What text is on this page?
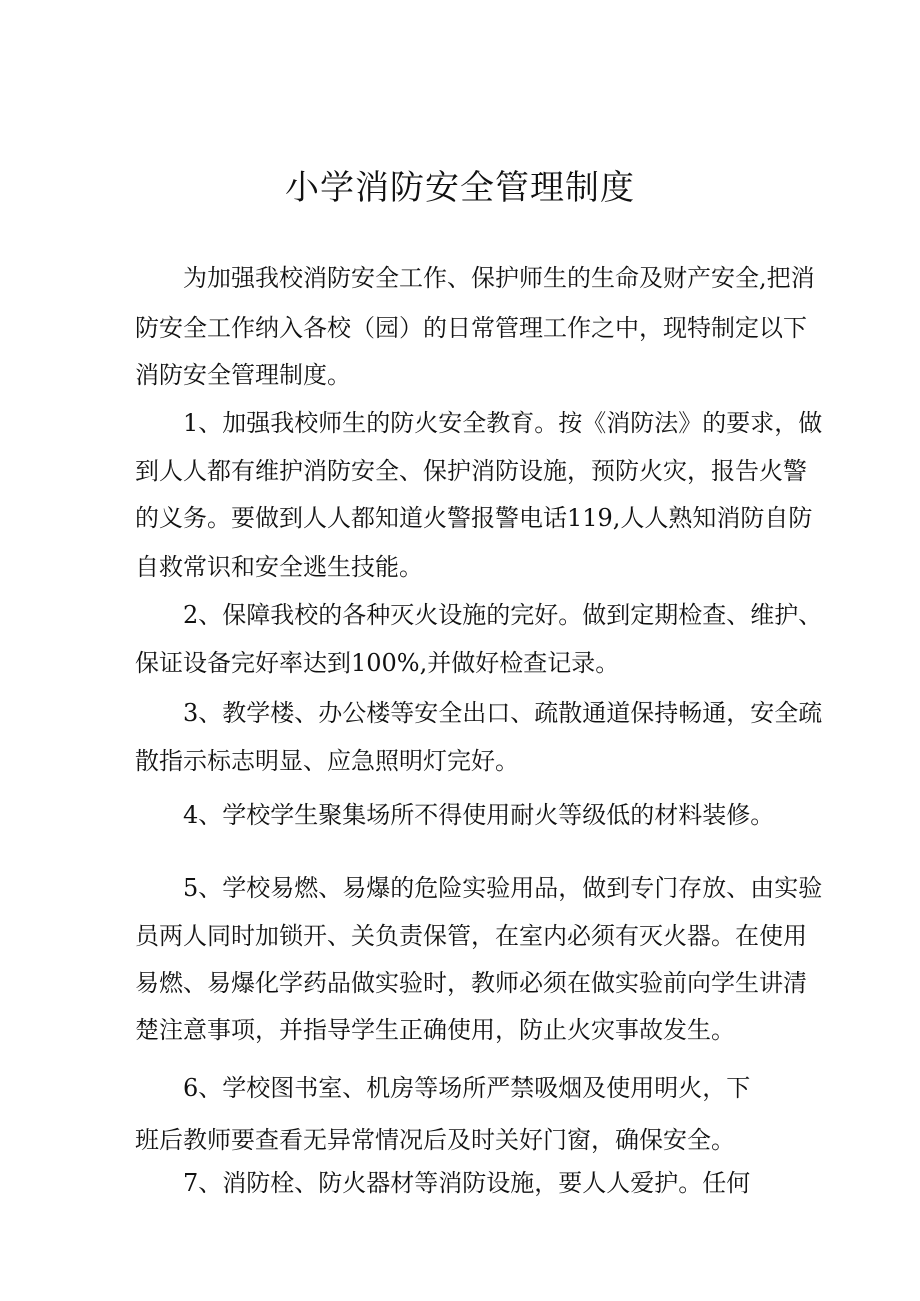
小学消防安全管理制度
为加强我校消防安全工作、保护师生的生命及财产安全,把消
防安全工作纳入各校（园）的日常管理工作之中，现特制定以下
消防安全管理制度。
1、加强我校师生的防火安全教育。按《消防法》的要求，做
到人人都有维护消防安全、保护消防设施，预防火灾，报告火警
的义务。要做到人人都知道火警报警电话119,人人熟知消防自防
自救常识和安全逃生技能。
2、保障我校的各种灭火设施的完好。做到定期检查、维护、
保证设备完好率达到100%,并做好检查记录。
3、教学楼、办公楼等安全出口、疏散通道保持畅通，安全疏
散指示标志明显、应急照明灯完好。
4、学校学生聚集场所不得使用耐火等级低的材料装修。
5、学校易燃、易爆的危险实验用品，做到专门存放、由实验
员两人同时加锁开、关负责保管，在室内必须有灭火器。在使用
易燃、易爆化学药品做实验时，教师必须在做实验前向学生讲清
楚注意事项，并指导学生正确使用，防止火灾事故发生。
6、学校图书室、机房等场所严禁吸烟及使用明火，下
班后教师要查看无异常情况后及时关好门窗，确保安全。
7、消防栓、防火器材等消防设施，要人人爱护。任何
